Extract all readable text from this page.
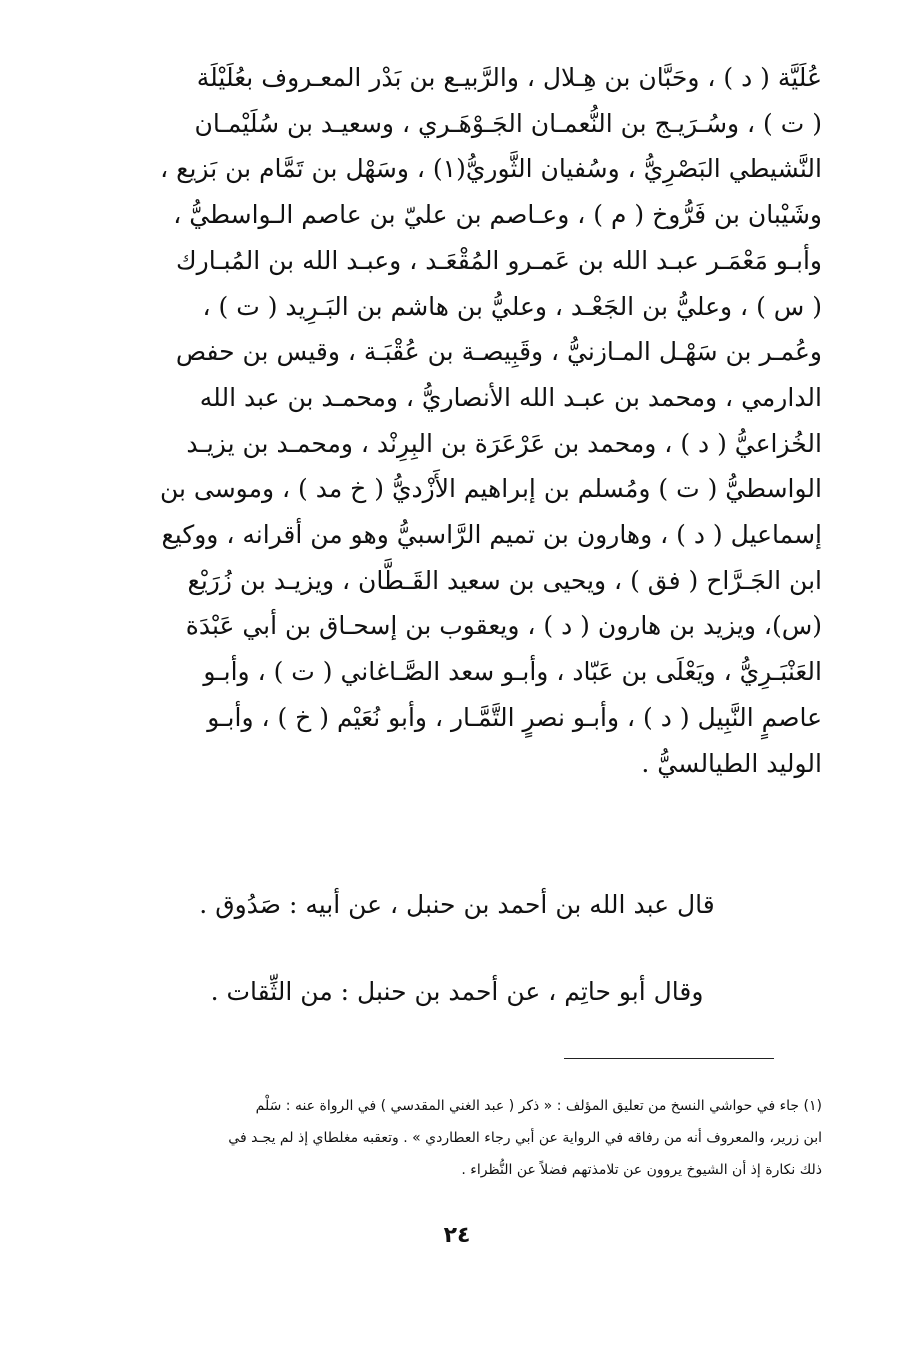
عُلَيَّة ( د ) ، وحَبَّان بن هِـلال ، والرَّبيـع بن بَدْر المعـروف بعُلَيْلَة

( ت ) ، وسُـرَيـج بن النُّعمـان الجَـوْهَـري ، وسعيـد بن سُلَيْمـان

النَّشيطي البَصْرِيُّ ، وسُفيان الثَّوريُّ(١) ، وسَهْل بن تَمَّام بن بَزيع ،

وشَيْبان بن فَرُّوخ ( م ) ، وعـاصم بن عليّ بن عاصم الـواسطيُّ ،

وأبـو مَعْمَـر عبـد الله بن عَمـرو المُقْعَـد ، وعبـد الله بن المُبـارك

( س ) ، وعليُّ بن الجَعْـد ، وعليُّ بن هاشم بن البَـرِيد ( ت ) ،

وعُمـر بن سَهْـل المـازنيُّ ، وقَبِيصـة بن عُقْبَـة ، وقيس بن حفص

الدارمي ، ومحمد بن عبـد الله الأنصاريُّ ، ومحمـد بن عبد الله

الخُزاعيُّ ( د ) ، ومحمد بن عَرْعَرَة بن البِرِنْد ، ومحمـد بن يزيـد

الواسطيُّ ( ت ) ومُسلم بن إبراهيم الأَزْديُّ ( خ مد ) ، وموسى بن

إسماعيل ( د ) ، وهارون بن تميم الرَّاسبيُّ وهو من أقرانه ، ووكيع

ابن الجَـرَّاح ( فق ) ، ويحيى بن سعيد القَـطَّان ، ويزيـد بن زُرَيْع

(س)، ويزيد بن هارون ( د ) ، ويعقوب بن إسحـاق بن أبي عَبْدَة

العَنْبَـرِيُّ ، ويَعْلَى بن عَبّاد ، وأبـو سعد الصَّـاغاني ( ت ) ، وأبـو

عاصمٍ النَّبِيل ( د ) ، وأبـو نصرٍ التَّمَّـار ، وأبو نُعَيْم ( خ ) ، وأبـو

الوليد الطيالسيُّ .

قال عبد الله بن أحمد بن حنبل ، عن أبيه : صَدُوق .

وقال أبو حاتِم ، عن أحمد بن حنبل : من الثِّقات .

(١) جاء في حواشي النسخ من تعليق المؤلف : « ذكر ( عبد الغني المقدسي ) في الرواة عنه : سَلْم
ابن زرير، والمعروف أنه من رفاقه في الرواية عن أبي رجاء العطاردي » . وتعقبه مغلطاي إذ لم يجـد في
ذلك نكارة إذ أن الشيوخ يروون عن تلامذتهم فضلاً عن النُّظراء .

٢٤
